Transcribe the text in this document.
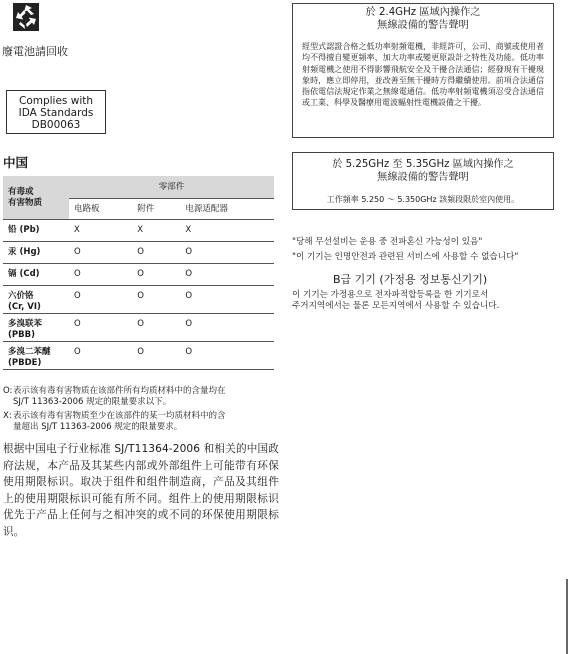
廢電池請回收
Complies with
IDA Standards
DB00063
中国
有毒或
有害物质	零部件		
	电路板	附件	电源适配器
铅 (Pb)	X	X	X
汞 (Hg)	O	O	O
镉 (Cd)	O	O	O
六价铬
(Cr, VI)	O	O	O
多溴联苯
(PBB)	O	O	O
多溴二苯醚
(PBDE)	O	O	O
O:表示该有毒有害物质在该部件所有均质材料中的含量均在
SJ/T 11363-2006 规定的限量要求以下。
X:表示该有毒有害物质至少在该部件的某一均质材料中的含
量超出 SJ/T 11363-2006 规定的限量要求。
根据中国电子行业标准 SJ/T11364-2006 和相关的中国政府法规，本产品及其某些内部或外部组件上可能带有环保使用期限标识。取决于组件和组件制造商，产品及其组件上的使用期限标识可能有所不同。组件上的使用期限标识优先于产品上任何与之相冲突的或不同的环保使用期限标识。
於 2.4GHz 區域內操作之
無線設備的警告聲明
經型式認證合格之低功率射頻電機，非經許可，公司、商號或使用者均不得擅自變更頻率、加大功率或變更原設計之特性及功能。低功率射頻電機之使用不得影響飛航安全及干擾合法通信；經發現有干擾現象時，應立即停用，並改善至無干擾時方得繼續使用。前項合法通信指依電信法規定作業之無線電通信。低功率射頻電機須忍受合法通信或工業、科學及醫療用電波輻射性電機設備之干擾。
於 5.25GHz 至 5.35GHz 區域內操作之
無線設備的警告聲明
工作頻率 5.250 ～ 5.350GHz 該頻段限於室內使用。
"당해 무선설비는 운용 중 전파혼신 가능성이 있음"
"이 기기는 인명안전과 관련된 서비스에 사용할 수 없습니다"
B급 기기 (가정용 정보통신기기)
이 기기는 가정용으로 전자파적합등록을 한 기기로서
주거지역에서는 물론 모든지역에서 사용할 수 있습니다.
